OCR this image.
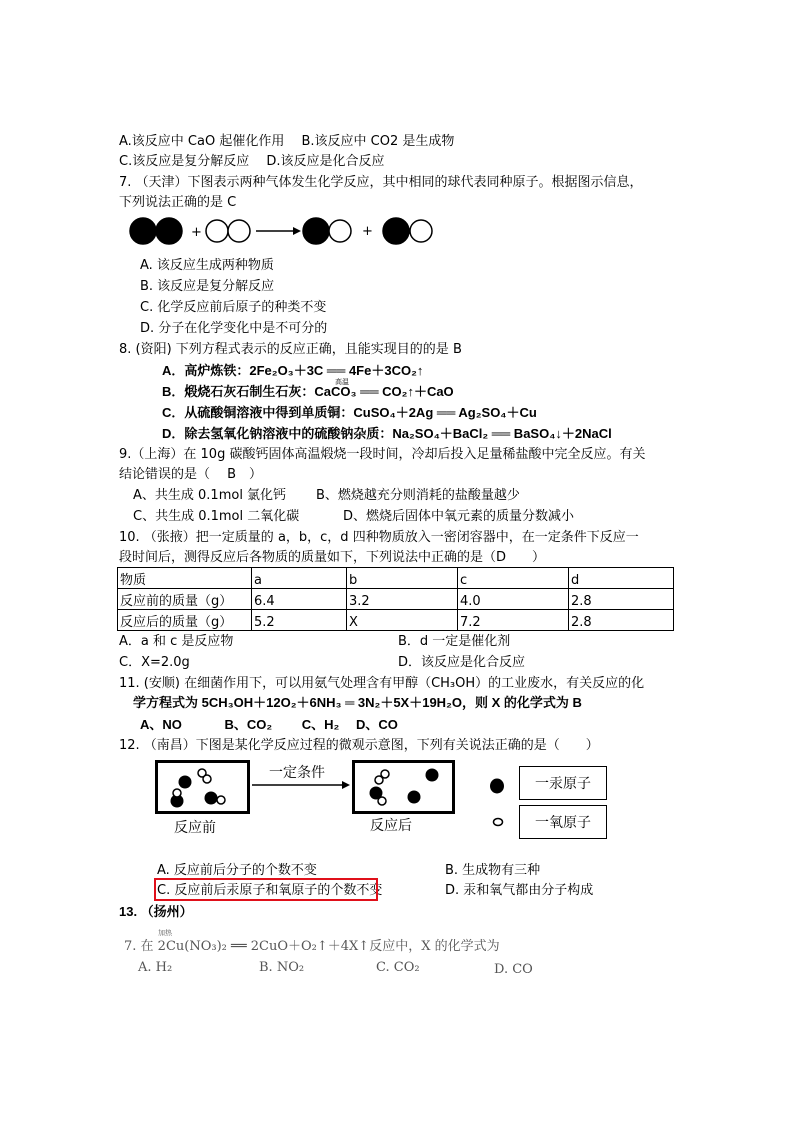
A.该反应中 CaO 起催化作用　 B.该反应中 CO2 是生成物
C.该反应是复分解反应　 D.该反应是化合反应
7. （天津）下图表示两种气体发生化学反应，其中相同的球代表同种原子。根据图示信息，
下列说法正确的是 C
+	+
A. 该反应生成两种物质
B. 该反应是复分解反应
C. 化学反应前后原子的种类不变
D. 分子在化学变化中是不可分的
8. (资阳) 下列方程式表示的反应正确，且能实现目的的是 B
A．高炉炼铁：2Fe₂O₃＋3C ══ 4Fe＋3CO₂↑
高温
B．煅烧石灰石制生石灰：CaCO₃ ══ CO₂↑＋CaO
C．从硫酸铜溶液中得到单质铜：CuSO₄＋2Ag ══ Ag₂SO₄＋Cu
D．除去氢氧化钠溶液中的硫酸钠杂质：Na₂SO₄＋BaCl₂ ══ BaSO₄↓＋2NaCl
9.（上海）在 10g 碳酸钙固体高温煅烧一段时间，冷却后投入足量稀盐酸中完全反应。有关
结论错误的是（　 B　）
A、共生成 0.1mol 氯化钙 B、燃烧越充分则消耗的盐酸量越少
C、共生成 0.1mol 二氧化碳	D、燃烧后固体中氧元素的质量分数减小
10. （张掖）把一定质量的 a，b，c，d 四种物质放入一密闭容器中，在一定条件下反应一
段时间后，测得反应后各物质的质量如下，下列说法中正确的是（D　　）
物质	a	b	c	d
反应前的质量（g）	6.4	3.2	4.0	2.8
反应后的质量（g）	5.2	X	7.2	2.8
A．a 和 c 是反应物	B．d 一定是催化剂
C．X=2.0g	D．该反应是化合反应
11. (安顺) 在细菌作用下，可以用氨气处理含有甲醇（CH₃OH）的工业废水，有关反应的化
学方程式为 5CH₃OH＋12O₂＋6NH₃ ═ 3N₂＋5X＋19H₂O，则 X 的化学式为 B
A、NO　　　 B、CO₂　　 C、H₂　 D、CO
12. （南昌）下图是某化学反应过程的微观示意图，下列有关说法正确的是（　　）
反应前
一定条件
反应后
一汞原子
一氧原子
A. 反应前后分子的个数不变	B. 生成物有三种
C. 反应前后汞原子和氧原子的个数不变	D. 汞和氧气都由分子构成
13. （扬州）
加热
7. 在 2Cu(NO₃)₂ ══ 2CuO＋O₂↑＋4X↑反应中，X 的化学式为
A. H₂	B. NO₂	C. CO₂	D. CO
